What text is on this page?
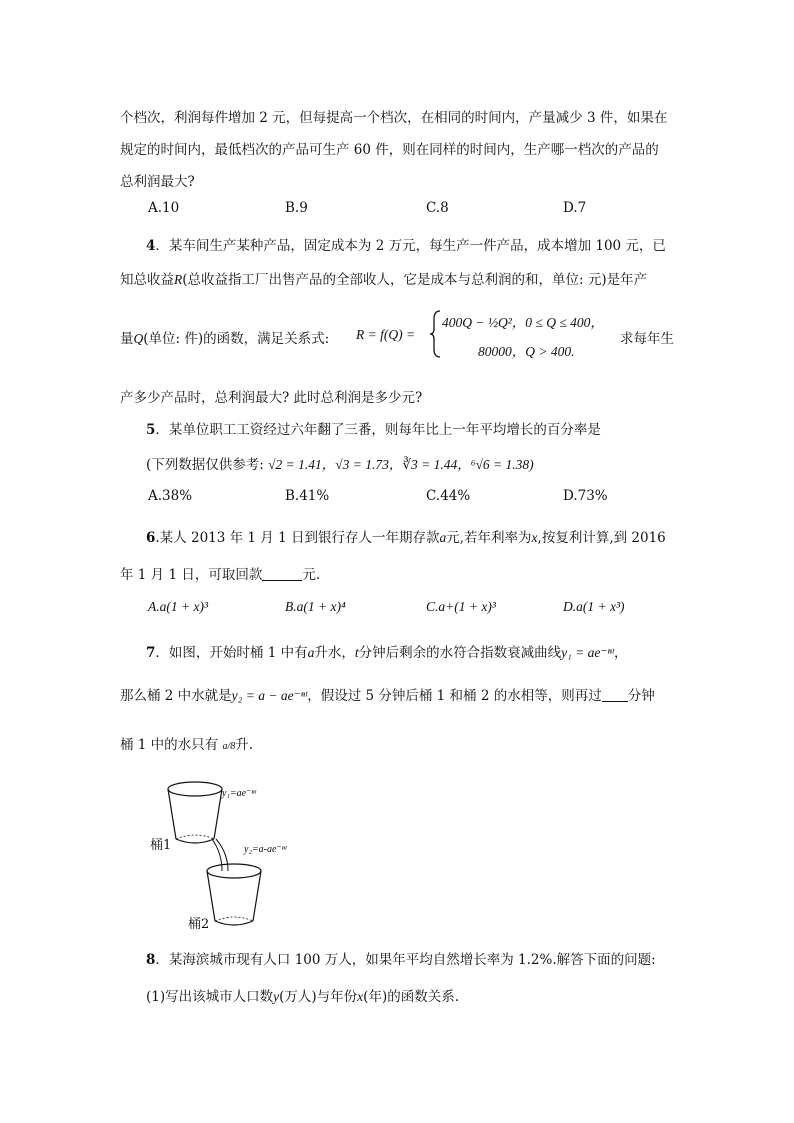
个档次，利润每件增加 2 元，但每提高一个档次，在相同的时间内，产量减少 3 件，如果在
规定的时间内，最低档次的产品可生产 60 件，则在同样的时间内，生产哪一档次的产品的
总利润最大?
A.10	B.9	C.8	D.7
4．某车间生产某种产品，固定成本为 2 万元，每生产一件产品，成本增加 100 元，已
知总收益R(总收益指工厂出售产品的全部收人，它是成本与总利润的和，单位: 元)是年产
量Q(单位: 件)的函数，满足关系式: R = f(Q) =
400Q − ½Q²，0 ≤ Q ≤ 400，
80000，Q > 400.
求每年生
产多少产品时，总利润最大? 此时总利润是多少元?
5．某单位职工工资经过六年翻了三番，则每年比上一年平均增长的百分率是
(下列数据仅供参考: √2 = 1.41，√3 = 1.73，∛3 = 1.44，⁶√6 = 1.38)
A.38%	B.41%	C.44%	D.73%
6.某人 2013 年 1 月 1 日到银行存人一年期存款a元,若年利率为x,按复利计算,到 2016
年 1 月 1 日，可取回款	元.
A.a(1 + x)³	B.a(1 + x)⁴	C.a+(1 + x)³	D.a(1 + x³)
7．如图，开始时桶 1 中有a升水，t分钟后剩余的水符合指数衰减曲线y₁ = ae⁻ⁿᵗ，
那么桶 2 中水就是y₂ = a − ae⁻ⁿᵗ，假设过 5 分钟后桶 1 和桶 2 的水相等，则再过 分钟
桶 1 中的水只有 a/8升.
y₁=ae⁻ⁿᵗ
桶1	y₂=a-ae⁻ⁿᵗ
桶2
8．某海滨城市现有人口 100 万人，如果年平均自然增长率为 1.2%.解答下面的问题:
(1)写出该城市人口数y(万人)与年份x(年)的函数关系.
